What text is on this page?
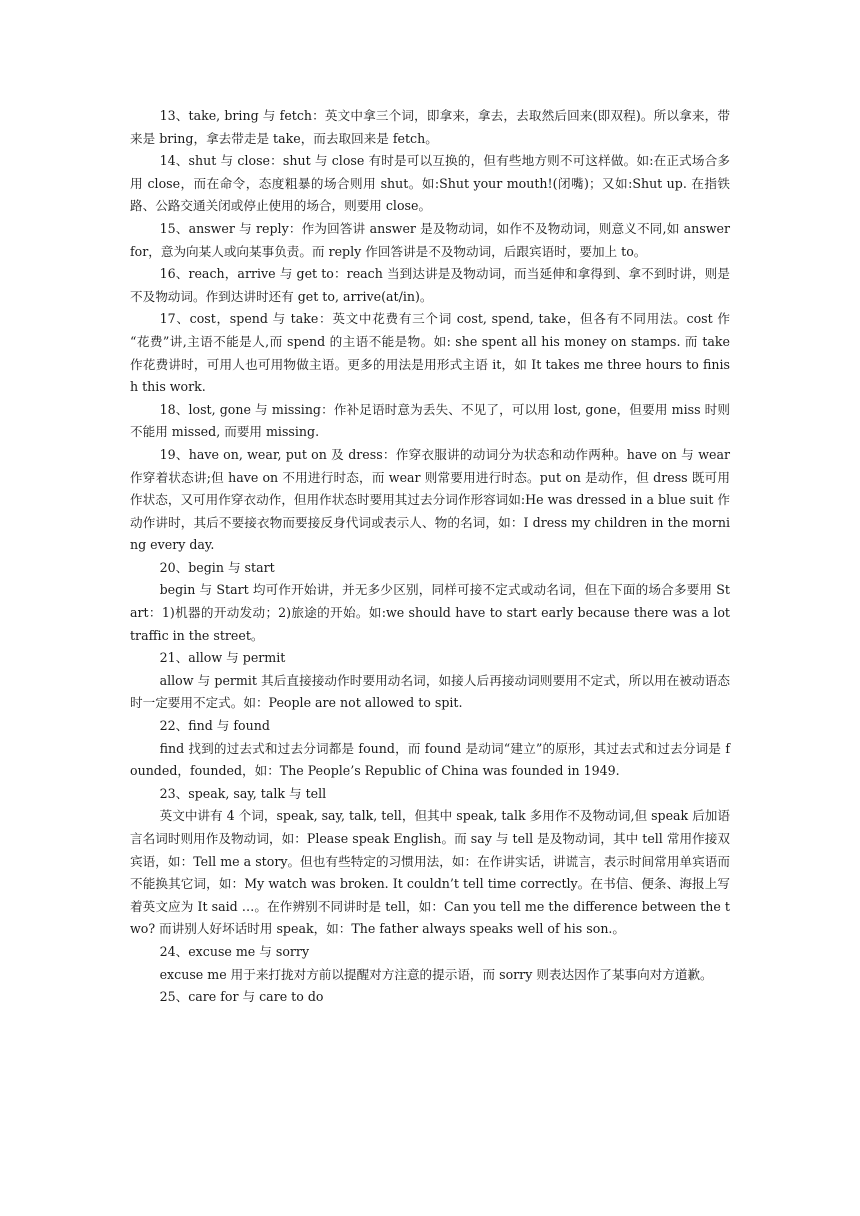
13、take, bring 与 fetch：英文中拿三个词，即拿来，拿去，去取然后回来(即双程)。所以拿来，带来是 bring，拿去带走是 take，而去取回来是 fetch。

14、shut 与 close：shut 与 close 有时是可以互换的，但有些地方则不可这样做。如:在正式场合多用 close，而在命令，态度粗暴的场合则用 shut。如:Shut your mouth!(闭嘴)；又如:Shut up. 在指铁路、公路交通关闭或停止使用的场合，则要用 close。

15、answer 与 reply：作为回答讲 answer 是及物动词，如作不及物动词，则意义不同,如 answer for，意为向某人或向某事负责。而 reply 作回答讲是不及物动词，后跟宾语时，要加上 to。

16、reach，arrive 与 get to：reach 当到达讲是及物动词，而当延伸和拿得到、拿不到时讲，则是不及物动词。作到达讲时还有 get to, arrive(at/in)。

17、cost，spend 与 take：英文中花费有三个词 cost, spend, take，但各有不同用法。cost 作 “花费”讲,主语不能是人,而 spend 的主语不能是物。如: she spent all his money on stamps. 而 take 作花费讲时，可用人也可用物做主语。更多的用法是用形式主语 it，如 It takes me three hours to finish this work.

18、lost, gone 与 missing：作补足语时意为丢失、不见了，可以用 lost, gone，但要用 miss 时则不能用 missed, 而要用 missing.

19、have on, wear, put on 及 dress：作穿衣服讲的动词分为状态和动作两种。have on 与 wear 作穿着状态讲;但 have on 不用进行时态，而 wear 则常要用进行时态。put on 是动作，但 dress 既可用作状态，又可用作穿衣动作，但用作状态时要用其过去分词作形容词如:He was dressed in a blue suit 作动作讲时，其后不要接衣物而要接反身代词或表示人、物的名词，如：I dress my children in the morning every day.

20、begin 与 start

begin 与 Start 均可作开始讲，并无多少区别，同样可接不定式或动名词，但在下面的场合多要用 Start：1)机器的开动发动；2)旅途的开始。如:we should have to start early because there was a lot traffic in the street。

21、allow 与 permit

allow 与 permit 其后直接接动作时要用动名词，如接人后再接动词则要用不定式，所以用在被动语态时一定要用不定式。如：People are not allowed to spit.

22、find 与 found

find 找到的过去式和过去分词都是 found，而 found 是动词“建立”的原形，其过去式和过去分词是 founded，founded，如：The People’s Republic of China was founded in 1949.

23、speak, say, talk 与 tell

英文中讲有 4 个词，speak, say, talk, tell，但其中 speak, talk 多用作不及物动词,但 speak 后加语言名词时则用作及物动词，如：Please speak English。而 say 与 tell 是及物动词，其中 tell 常用作接双宾语，如：Tell me a story。但也有些特定的习惯用法，如：在作讲实话，讲谎言，表示时间常用单宾语而不能换其它词，如：My watch was broken. It couldn’t tell time correctly。在书信、便条、海报上写着英文应为 It said …。在作辨别不同讲时是 tell，如：Can you tell me the difference between the two? 而讲别人好坏话时用 speak，如：The father always speaks well of his son.。

24、excuse me 与 sorry

excuse me 用于来打拢对方前以提醒对方注意的提示语，而 sorry 则表达因作了某事向对方道歉。

25、care for 与 care to do
